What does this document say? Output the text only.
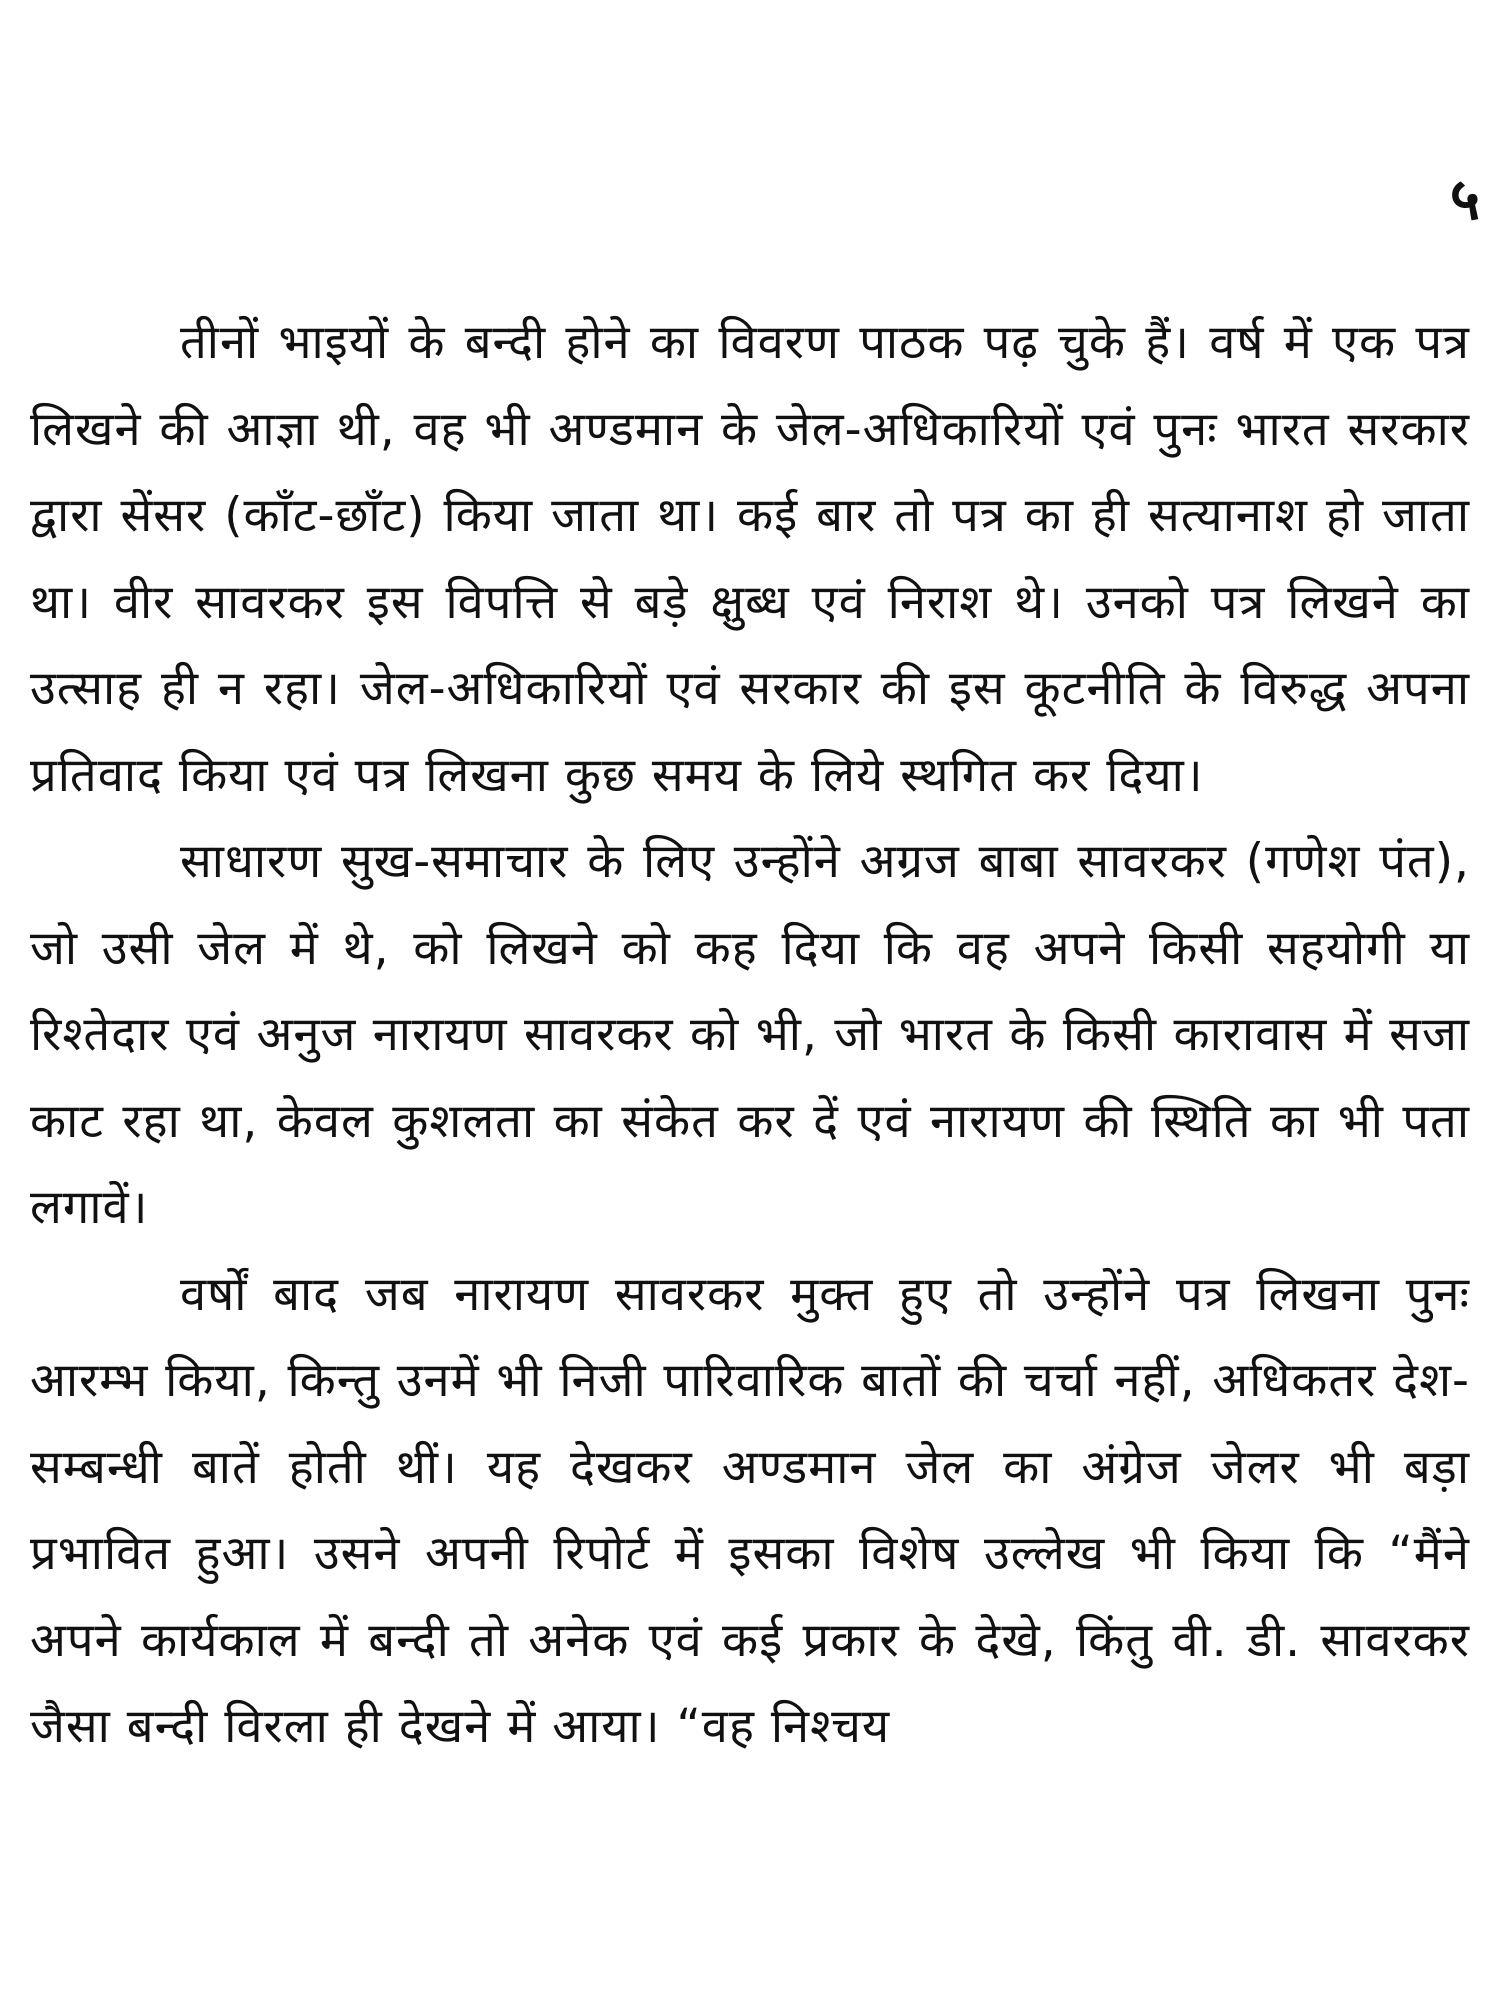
५

तीनों भाइयों के बन्दी होने का विवरण पाठक पढ़ चुके हैं। वर्ष में एक पत्र लिखने की आज्ञा थी, वह भी अण्डमान के जेल-अधिकारियों एवं पुनः भारत सरकार द्वारा सेंसर (काँट-छाँट) किया जाता था। कई बार तो पत्र का ही सत्यानाश हो जाता था। वीर सावरकर इस विपत्ति से बड़े क्षुब्ध एवं निराश थे। उनको पत्र लिखने का उत्साह ही न रहा। जेल-अधिकारियों एवं सरकार की इस कूटनीति के विरुद्ध अपना प्रतिवाद किया एवं पत्र लिखना कुछ समय के लिये स्थगित कर दिया।

साधारण सुख-समाचार के लिए उन्होंने अग्रज बाबा सावरकर (गणेश पंत), जो उसी जेल में थे, को लिखने को कह दिया कि वह अपने किसी सहयोगी या रिश्तेदार एवं अनुज नारायण सावरकर को भी, जो भारत के किसी कारावास में सजा काट रहा था, केवल कुशलता का संकेत कर दें एवं नारायण की स्थिति का भी पता लगावें।

वर्षों बाद जब नारायण सावरकर मुक्त हुए तो उन्होंने पत्र लिखना पुनः आरम्भ किया, किन्तु उनमें भी निजी पारिवारिक बातों की चर्चा नहीं, अधिकतर देश-सम्बन्धी बातें होती थीं। यह देखकर अण्डमान जेल का अंग्रेज जेलर भी बड़ा प्रभावित हुआ। उसने अपनी रिपोर्ट में इसका विशेष उल्लेख भी किया कि “मैंने अपने कार्यकाल में बन्दी तो अनेक एवं कई प्रकार के देखे, किंतु वी. डी. सावरकर जैसा बन्दी विरला ही देखने में आया। “वह निश्चय
